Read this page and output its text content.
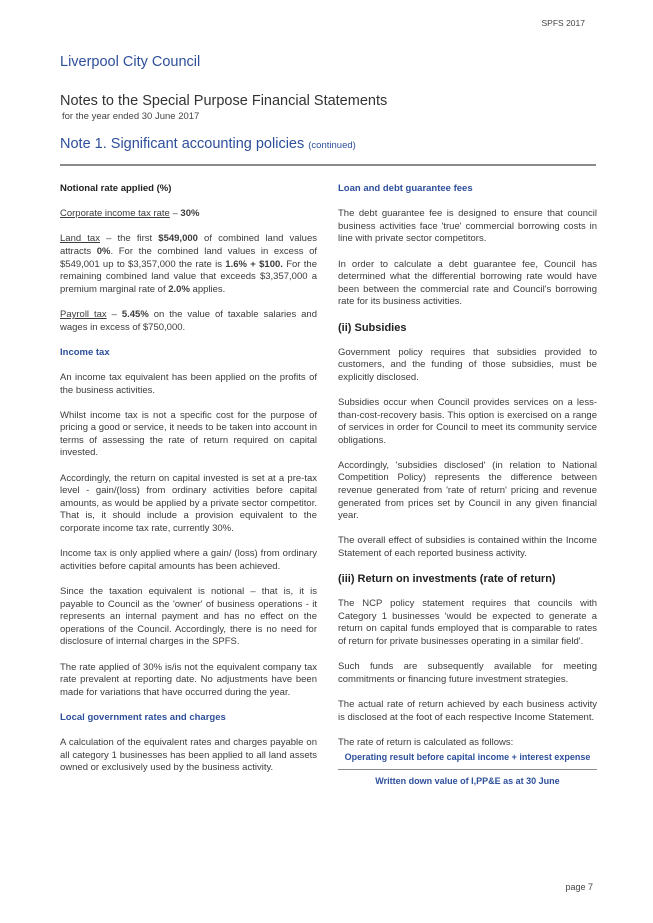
SPFS 2017
Liverpool City Council
Notes to the Special Purpose Financial Statements
for the year ended 30 June 2017
Note 1. Significant accounting policies (continued)
Notional rate applied (%)

Corporate income tax rate – 30%

Land tax – the first $549,000 of combined land values attracts 0%. For the combined land values in excess of $549,001 up to $3,357,000 the rate is 1.6% + $100. For the remaining combined land value that exceeds $3,357,000 a premium marginal rate of 2.0% applies.

Payroll tax – 5.45% on the value of taxable salaries and wages in excess of $750,000.

Income tax

An income tax equivalent has been applied on the profits of the business activities.

Whilst income tax is not a specific cost for the purpose of pricing a good or service, it needs to be taken into account in terms of assessing the rate of return required on capital invested.

Accordingly, the return on capital invested is set at a pre-tax level - gain/(loss) from ordinary activities before capital amounts, as would be applied by a private sector competitor. That is, it should include a provision equivalent to the corporate income tax rate, currently 30%.

Income tax is only applied where a gain/ (loss) from ordinary activities before capital amounts has been achieved.

Since the taxation equivalent is notional – that is, it is payable to Council as the 'owner' of business operations - it represents an internal payment and has no effect on the operations of the Council. Accordingly, there is no need for disclosure of internal charges in the SPFS.

The rate applied of 30% is/is not the equivalent company tax rate prevalent at reporting date. No adjustments have been made for variations that have occurred during the year.

Local government rates and charges

A calculation of the equivalent rates and charges payable on all category 1 businesses has been applied to all land assets owned or exclusively used by the business activity.

Loan and debt guarantee fees

The debt guarantee fee is designed to ensure that council business activities face 'true' commercial borrowing costs in line with private sector competitors.

In order to calculate a debt guarantee fee, Council has determined what the differential borrowing rate would have been between the commercial rate and Council's borrowing rate for its business activities.

(ii) Subsidies

Government policy requires that subsidies provided to customers, and the funding of those subsidies, must be explicitly disclosed.

Subsidies occur when Council provides services on a less-than-cost-recovery basis. This option is exercised on a range of services in order for Council to meet its community service obligations.

Accordingly, 'subsidies disclosed' (in relation to National Competition Policy) represents the difference between revenue generated from 'rate of return' pricing and revenue generated from prices set by Council in any given financial year.

The overall effect of subsidies is contained within the Income Statement of each reported business activity.

(iii) Return on investments (rate of return)

The NCP policy statement requires that councils with Category 1 businesses 'would be expected to generate a return on capital funds employed that is comparable to rates of return for private businesses operating in a similar field'.

Such funds are subsequently available for meeting commitments or financing future investment strategies.

The actual rate of return achieved by each business activity is disclosed at the foot of each respective Income Statement.

The rate of return is calculated as follows:

Operating result before capital income + interest expense
Written down value of I,PP&E as at 30 June
page 7
